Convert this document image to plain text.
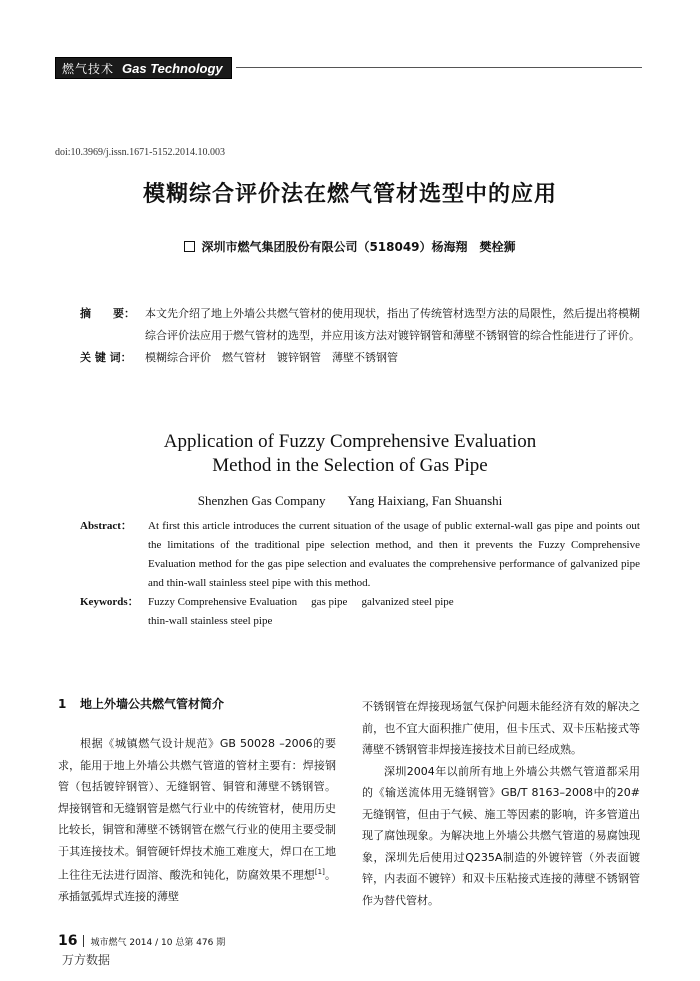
燃气技术 Gas Technology
doi:10.3969/j.issn.1671-5152.2014.10.003
模糊综合评价法在燃气管材选型中的应用
深圳市燃气集团股份有限公司（518049）杨海翔　樊栓狮
摘　　要： 本文先介绍了地上外墙公共燃气管材的使用现状，指出了传统管材选型方法的局限性，然后提出将模糊综合评价法应用于燃气管材的选型，并应用该方法对镀锌钢管和薄壁不锈钢管的综合性能进行了评价。
关 键 词：	模糊综合评价　燃气管材　镀锌钢管　薄壁不锈钢管
Application of Fuzzy Comprehensive Evaluation
Method in the Selection of Gas Pipe
Shenzhen Gas Company Yang Haixiang, Fan Shuanshi
Abstract：	At first this article introduces the current situation of the usage of public external-wall gas pipe and points out the limitations of the traditional pipe selection method, and then it prevents the Fuzzy Comprehensive Evaluation method for the gas pipe selection and evaluates the comprehensive performance of galvanized pipe and thin-wall stainless steel pipe with this method.
Keywords： Fuzzy Comprehensive Evaluation gas pipe galvanized steel pipe
thin-wall stainless steel pipe
1 地上外墙公共燃气管材简介

根据《城镇燃气设计规范》GB 50028 –2006的要求，能用于地上外墙公共燃气管道的管材主要有：焊接钢管（包括镀锌钢管）、无缝钢管、铜管和薄壁不锈钢管。焊接钢管和无缝钢管是燃气行业中的传统管材，使用历史比较长，铜管和薄壁不锈钢管在燃气行业的使用主要受制于其连接技术。铜管硬钎焊技术施工难度大，焊口在工地上往往无法进行固溶、酸洗和钝化，防腐效果不理想[1]。承插氩弧焊式连接的薄壁

不锈钢管在焊接现场氩气保护问题未能经济有效的解决之前，也不宜大面积推广使用，但卡压式、双卡压粘接式等薄壁不锈钢管非焊接连接技术目前已经成熟。

深圳2004年以前所有地上外墙公共燃气管道都采用的《输送流体用无缝钢管》GB/T 8163–2008中的20#无缝钢管，但由于气候、施工等因素的影响，许多管道出现了腐蚀现象。为解决地上外墙公共燃气管道的易腐蚀现象，深圳先后使用过Q235A制造的外镀锌管（外表面镀锌，内表面不镀锌）和双卡压粘接式连接的薄壁不锈钢管作为替代管材。

16 城市燃气 2014 / 10 总第 476 期
万方数据
